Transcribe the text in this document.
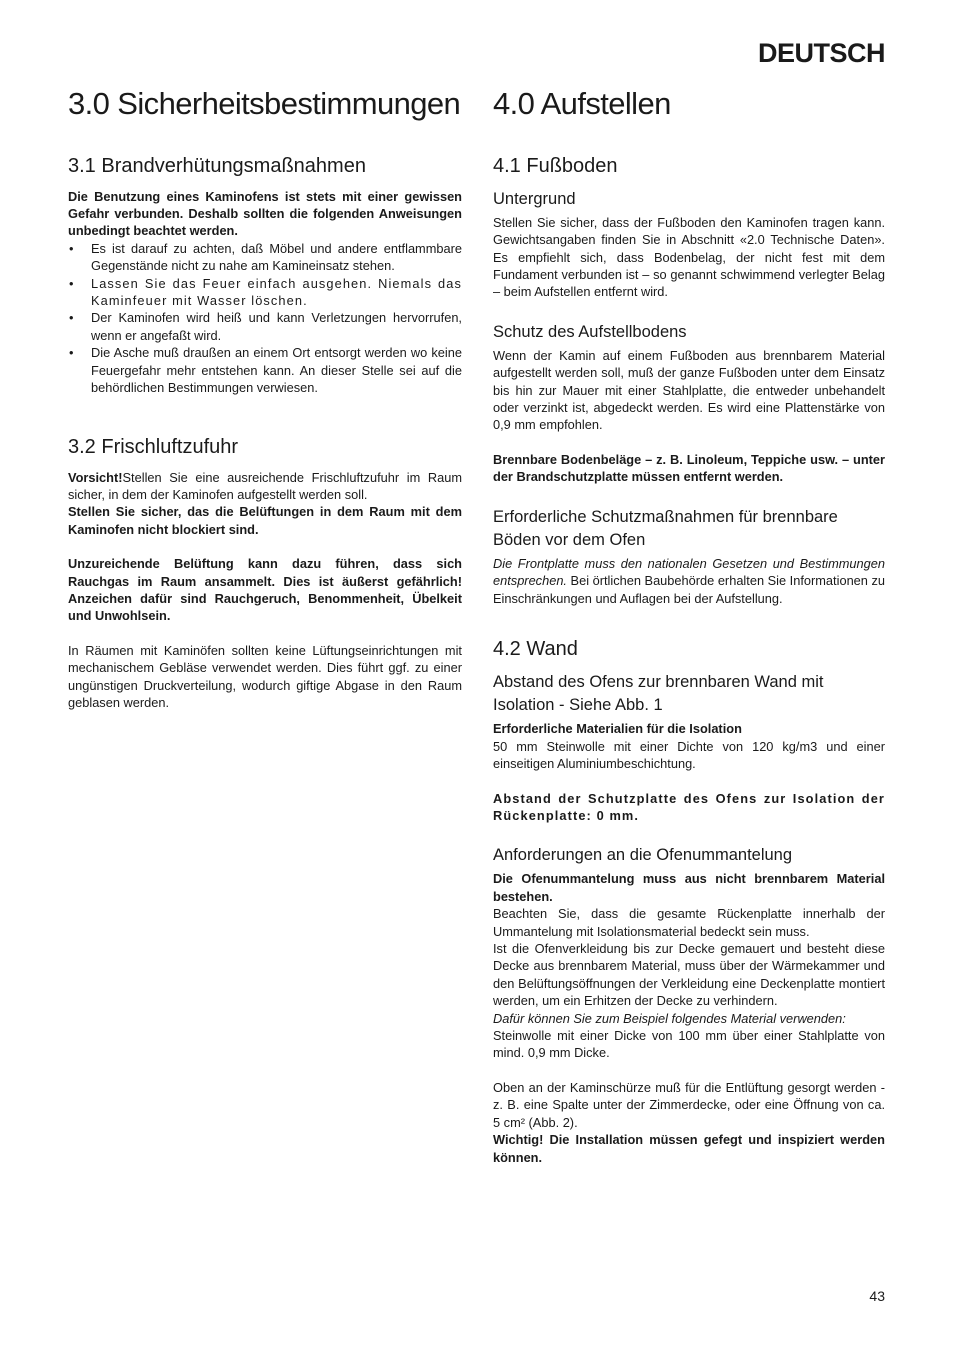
DEUTSCH
3.0 Sicherheitsbestimmungen
3.1 Brandverhütungsmaßnahmen

Die Benutzung eines Kaminofens ist stets mit einer gewissen Gefahr verbunden. Deshalb sollten die folgenden Anweisungen unbedingt beachtet werden.

• Es ist darauf zu achten, daß Möbel und andere entflammbare Gegenstände nicht zu nahe am Kamineinsatz stehen.
• Lassen Sie das Feuer einfach ausgehen. Niemals das Kaminfeuer mit Wasser löschen.
• Der Kaminofen wird heiß und kann Verletzungen hervorrufen, wenn er angefaßt wird.
• Die Asche muß draußen an einem Ort entsorgt werden wo keine Feuergefahr mehr entstehen kann. An dieser Stelle sei auf die behördlichen Bestimmungen verwiesen.
3.2 Frischluftzufuhr

Vorsicht!Stellen Sie eine ausreichende Frischluftzufuhr im Raum sicher, in dem der Kaminofen aufgestellt werden soll.

Stellen Sie sicher, das die Belüftungen in dem Raum mit dem Kaminofen nicht blockiert sind.

Unzureichende Belüftung kann dazu führen, dass sich Rauchgas im Raum ansammelt. Dies ist äußerst gefährlich! Anzeichen dafür sind Rauchgeruch, Benommenheit, Übelkeit und Unwohlsein.

In Räumen mit Kaminöfen sollten keine Lüftungseinrichtungen mit mechanischem Gebläse verwendet werden. Dies führt ggf. zu einer ungünstigen Druckverteilung, wodurch giftige Abgase in den Raum geblasen werden.

4.0 Aufstellen
4.1 Fußboden
Untergrund

Stellen Sie sicher, dass der Fußboden den Kaminofen tragen kann. Gewichtsangaben finden Sie in Abschnitt «2.0 Technische Daten». Es empfiehlt sich, dass Bodenbelag, der nicht fest mit dem Fundament verbunden ist – so genannt schwimmend verlegter Belag – beim Aufstellen entfernt wird.

Schutz des Aufstellbodens

Wenn der Kamin auf einem Fußboden aus brennbarem Material aufgestellt werden soll, muß der ganze Fußboden unter dem Einsatz bis hin zur Mauer mit einer Stahlplatte, die entweder unbehandelt oder verzinkt ist, abgedeckt werden. Es wird eine Plattenstärke von 0,9 mm empfohlen.

Brennbare Bodenbeläge – z. B. Linoleum, Teppiche usw. – unter der Brandschutzplatte müssen entfernt werden.

Erforderliche Schutzmaßnahmen für brennbare Böden vor dem Ofen

Die Frontplatte muss den nationalen Gesetzen und Bestimmungen entsprechen. Bei örtlichen Baubehörde erhalten Sie Informationen zu Einschränkungen und Auflagen bei der Aufstellung.

4.2 Wand
Abstand des Ofens zur brennbaren Wand mit Isolation - Siehe Abb. 1

Erforderliche Materialien für die Isolation

50 mm Steinwolle mit einer Dichte von 120 kg/m3 und einer einseitigen Aluminiumbeschichtung.

Abstand der Schutzplatte des Ofens zur Isolation der Rückenplatte: 0 mm.

Anforderungen an die Ofenummantelung

Die Ofenummantelung muss aus nicht brennbarem Material bestehen.

Beachten Sie, dass die gesamte Rückenplatte innerhalb der Ummantelung mit Isolationsmaterial bedeckt sein muss.

Ist die Ofenverkleidung bis zur Decke gemauert und besteht diese Decke aus brennbarem Material, muss über der Wärmekammer und den Belüftungsöffnungen der Verkleidung eine Deckenplatte montiert werden, um ein Erhitzen der Decke zu verhindern.

Dafür können Sie zum Beispiel folgendes Material verwenden:

Steinwolle mit einer Dicke von 100 mm über einer Stahlplatte von mind. 0,9 mm Dicke.

Oben an der Kaminschürze muß für die Entlüftung gesorgt werden - z. B. eine Spalte unter der Zimmerdecke, oder eine Öffnung von ca. 5 cm² (Abb. 2).

Wichtig! Die Installation müssen gefegt und inspiziert werden können.

43
